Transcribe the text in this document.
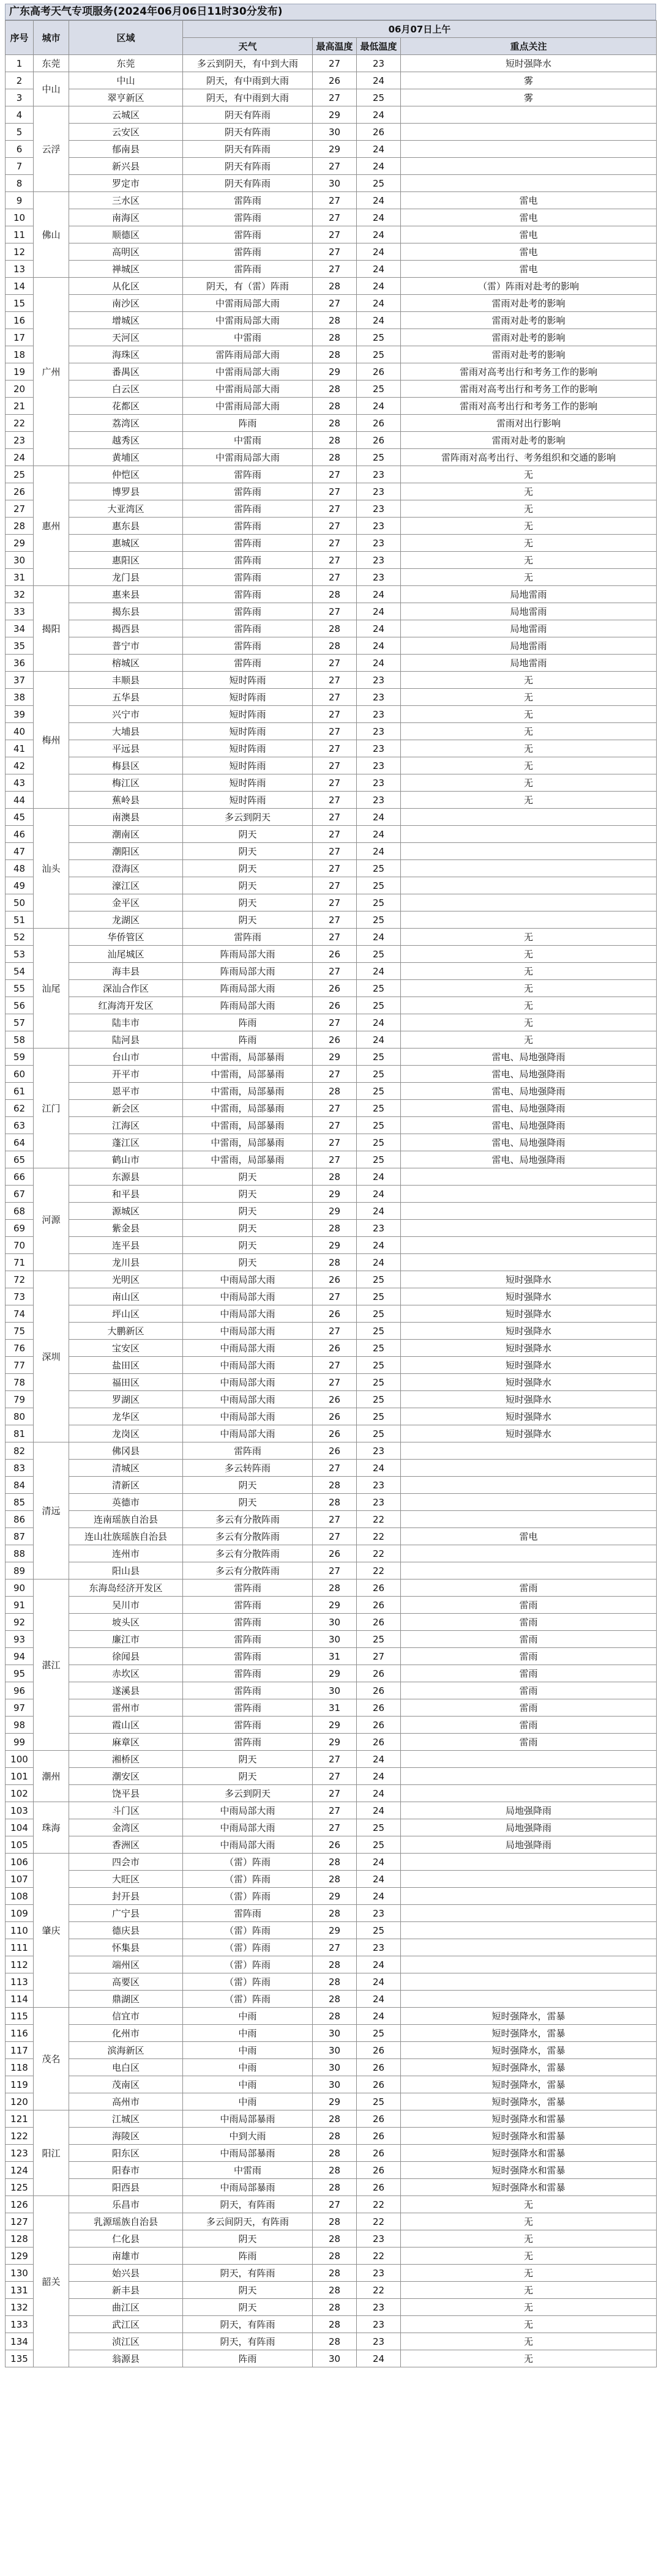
广东高考天气专项服务(2024年06月06日11时30分发布)
序号	城市	区域	06月07日上午			
			天气	最高温度	最低温度	重点关注
1	东莞	东莞	多云到阴天，有中到大雨	27	23	短时强降水
2	中山	中山	阴天，有中雨到大雨	26	24	雾
3		翠亨新区	阴天，有中雨到大雨	27	25	雾
4	云浮	云城区	阴天有阵雨	29	24	
5		云安区	阴天有阵雨	30	26	
6		郁南县	阴天有阵雨	29	24	
7		新兴县	阴天有阵雨	27	24	
8		罗定市	阴天有阵雨	30	25	
9	佛山	三水区	雷阵雨	27	24	雷电
10		南海区	雷阵雨	27	24	雷电
11		顺德区	雷阵雨	27	24	雷电
12		高明区	雷阵雨	27	24	雷电
13		禅城区	雷阵雨	27	24	雷电
14	广州	从化区	阴天，有（雷）阵雨	28	24	（雷）阵雨对赴考的影响
15		南沙区	中雷雨局部大雨	27	24	雷雨对赴考的影响
16		增城区	中雷雨局部大雨	28	24	雷雨对赴考的影响
17		天河区	中雷雨	28	25	雷雨对赴考的影响
18		海珠区	雷阵雨局部大雨	28	25	雷雨对赴考的影响
19		番禺区	中雷雨局部大雨	29	26	雷雨对高考出行和考务工作的影响
20		白云区	中雷雨局部大雨	28	25	雷雨对高考出行和考务工作的影响
21		花都区	中雷雨局部大雨	28	24	雷雨对高考出行和考务工作的影响
22		荔湾区	阵雨	28	26	雷雨对出行影响
23		越秀区	中雷雨	28	26	雷雨对赴考的影响
24		黄埔区	中雷雨局部大雨	28	25	雷阵雨对高考出行、考务组织和交通的影响
25	惠州	仲恺区	雷阵雨	27	23	无
26		博罗县	雷阵雨	27	23	无
27		大亚湾区	雷阵雨	27	23	无
28		惠东县	雷阵雨	27	23	无
29		惠城区	雷阵雨	27	23	无
30		惠阳区	雷阵雨	27	23	无
31		龙门县	雷阵雨	27	23	无
32	揭阳	惠来县	雷阵雨	28	24	局地雷雨
33		揭东县	雷阵雨	27	24	局地雷雨
34		揭西县	雷阵雨	28	24	局地雷雨
35		普宁市	雷阵雨	28	24	局地雷雨
36		榕城区	雷阵雨	27	24	局地雷雨
37	梅州	丰顺县	短时阵雨	27	23	无
38		五华县	短时阵雨	27	23	无
39		兴宁市	短时阵雨	27	23	无
40		大埔县	短时阵雨	27	23	无
41		平远县	短时阵雨	27	23	无
42		梅县区	短时阵雨	27	23	无
43		梅江区	短时阵雨	27	23	无
44		蕉岭县	短时阵雨	27	23	无
45	汕头	南澳县	多云到阴天	27	24	
46		潮南区	阴天	27	24	
47		潮阳区	阴天	27	24	
48		澄海区	阴天	27	25	
49		濠江区	阴天	27	25	
50		金平区	阴天	27	25	
51		龙湖区	阴天	27	25	
52	汕尾	华侨管区	雷阵雨	27	24	无
53		汕尾城区	阵雨局部大雨	26	25	无
54		海丰县	阵雨局部大雨	27	24	无
55		深汕合作区	阵雨局部大雨	26	25	无
56		红海湾开发区	阵雨局部大雨	26	25	无
57		陆丰市	阵雨	27	24	无
58		陆河县	阵雨	26	24	无
59	江门	台山市	中雷雨，局部暴雨	29	25	雷电、局地强降雨
60		开平市	中雷雨，局部暴雨	27	25	雷电、局地强降雨
61		恩平市	中雷雨，局部暴雨	28	25	雷电、局地强降雨
62		新会区	中雷雨，局部暴雨	27	25	雷电、局地强降雨
63		江海区	中雷雨，局部暴雨	27	25	雷电、局地强降雨
64		蓬江区	中雷雨，局部暴雨	27	25	雷电、局地强降雨
65		鹤山市	中雷雨，局部暴雨	27	25	雷电、局地强降雨
66	河源	东源县	阴天	28	24	
67		和平县	阴天	29	24	
68		源城区	阴天	29	24	
69		紫金县	阴天	28	23	
70		连平县	阴天	29	24	
71		龙川县	阴天	28	24	
72	深圳	光明区	中雨局部大雨	26	25	短时强降水
73		南山区	中雨局部大雨	27	25	短时强降水
74		坪山区	中雨局部大雨	26	25	短时强降水
75		大鹏新区	中雨局部大雨	27	25	短时强降水
76		宝安区	中雨局部大雨	26	25	短时强降水
77		盐田区	中雨局部大雨	27	25	短时强降水
78		福田区	中雨局部大雨	27	25	短时强降水
79		罗湖区	中雨局部大雨	26	25	短时强降水
80		龙华区	中雨局部大雨	26	25	短时强降水
81		龙岗区	中雨局部大雨	26	25	短时强降水
82	清远	佛冈县	雷阵雨	26	23	
83		清城区	多云转阵雨	27	24	
84		清新区	阴天	28	23	
85		英德市	阴天	28	23	
86		连南瑶族自治县	多云有分散阵雨	27	22	
87		连山壮族瑶族自治县	多云有分散阵雨	27	22	雷电
88		连州市	多云有分散阵雨	26	22	
89		阳山县	多云有分散阵雨	27	22	
90	湛江	东海岛经济开发区	雷阵雨	28	26	雷雨
91		吴川市	雷阵雨	29	26	雷雨
92		坡头区	雷阵雨	30	26	雷雨
93		廉江市	雷阵雨	30	25	雷雨
94		徐闻县	雷阵雨	31	27	雷雨
95		赤坎区	雷阵雨	29	26	雷雨
96		遂溪县	雷阵雨	30	26	雷雨
97		雷州市	雷阵雨	31	26	雷雨
98		霞山区	雷阵雨	29	26	雷雨
99		麻章区	雷阵雨	29	26	雷雨
100	潮州	湘桥区	阴天	27	24	
101		潮安区	阴天	27	24	
102		饶平县	多云到阴天	27	24	
103	珠海	斗门区	中雨局部大雨	27	24	局地强降雨
104		金湾区	中雨局部大雨	27	25	局地强降雨
105		香洲区	中雨局部大雨	26	25	局地强降雨
106	肇庆	四会市	（雷）阵雨	28	24	
107		大旺区	（雷）阵雨	28	24	
108		封开县	（雷）阵雨	29	24	
109		广宁县	雷阵雨	28	23	
110		德庆县	（雷）阵雨	29	25	
111		怀集县	（雷）阵雨	27	23	
112		端州区	（雷）阵雨	28	24	
113		高要区	（雷）阵雨	28	24	
114		鼎湖区	（雷）阵雨	28	24	
115	茂名	信宜市	中雨	28	24	短时强降水，雷暴
116		化州市	中雨	30	25	短时强降水，雷暴
117		滨海新区	中雨	30	26	短时强降水，雷暴
118		电白区	中雨	30	26	短时强降水，雷暴
119		茂南区	中雨	30	26	短时强降水，雷暴
120		高州市	中雨	29	25	短时强降水，雷暴
121	阳江	江城区	中雨局部暴雨	28	26	短时强降水和雷暴
122		海陵区	中到大雨	28	26	短时强降水和雷暴
123		阳东区	中雨局部暴雨	28	26	短时强降水和雷暴
124		阳春市	中雷雨	28	26	短时强降水和雷暴
125		阳西县	中雨局部暴雨	28	26	短时强降水和雷暴
126	韶关	乐昌市	阴天，有阵雨	27	22	无
127		乳源瑶族自治县	多云间阴天，有阵雨	28	22	无
128		仁化县	阴天	28	23	无
129		南雄市	阵雨	28	22	无
130		始兴县	阴天，有阵雨	28	23	无
131		新丰县	阴天	28	22	无
132		曲江区	阴天	28	23	无
133		武江区	阴天，有阵雨	28	23	无
134		浈江区	阴天，有阵雨	28	23	无
135		翁源县	阵雨	30	24	无
